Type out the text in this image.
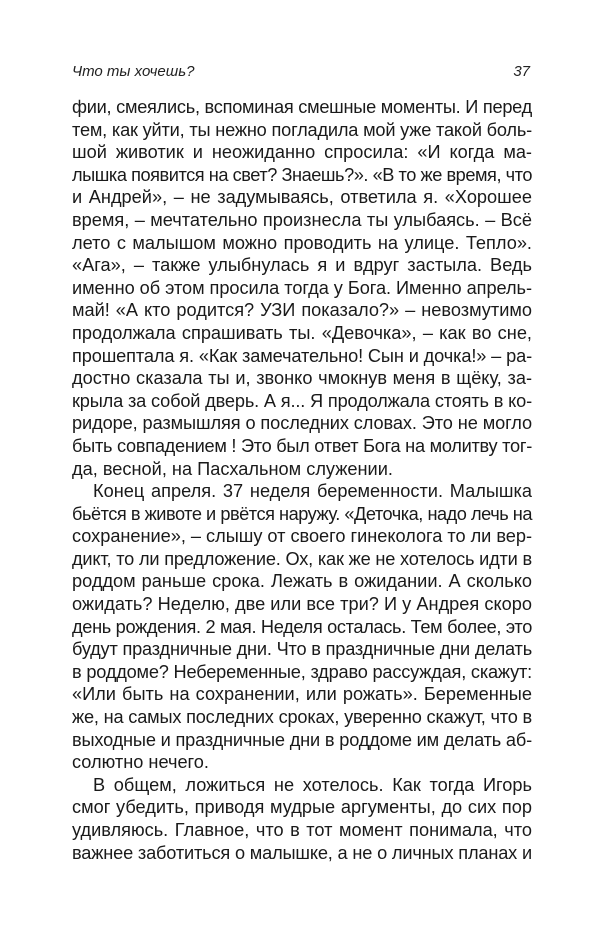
Что ты хочешь?	37

фии, смеялись, вспоминая смешные моменты. И перед
тем, как уйти, ты нежно погладила мой уже такой боль-
шой животик и неожиданно спросила: «И когда ма-
лышка появится на свет? Знаешь?». «В то же время, что
и Андрей», – не задумываясь, ответила я. «Хорошее
время, – мечтательно произнесла ты улыбаясь. – Всё
лето с малышом можно проводить на улице. Тепло».
«Ага», – также улыбнулась я и вдруг застыла. Ведь
именно об этом просила тогда у Бога. Именно апрель-
май! «А кто родится? УЗИ показало?» – невозмутимо
продолжала спрашивать ты. «Девочка», – как во сне,
прошептала я. «Как замечательно! Сын и дочка!» – ра-
достно сказала ты и, звонко чмокнув меня в щёку, за-
крыла за собой дверь. А я... Я продолжала стоять в ко-
ридоре, размышляя о последних словах. Это не могло
быть совпадением ! Это был ответ Бога на молитву тог-
да, весной, на Пасхальном служении.

Конец апреля. 37 неделя беременности. Малышка
бьётся в животе и рвётся наружу. «Деточка, надо лечь на
сохранение», – слышу от своего гинеколога то ли вер-
дикт, то ли предложение. Ох, как же не хотелось идти в
роддом раньше срока. Лежать в ожидании. А сколько
ожидать? Неделю, две или все три? И у Андрея скоро
день рождения. 2 мая. Неделя осталась. Тем более, это
будут праздничные дни. Что в праздничные дни делать
в роддоме? Небеременные, здраво рассуждая, скажут:
«Или быть на сохранении, или рожать». Беременные
же, на самых последних сроках, уверенно скажут, что в
выходные и праздничные дни в роддоме им делать аб-
солютно нечего.

В общем, ложиться не хотелось. Как тогда Игорь
смог убедить, приводя мудрые аргументы, до сих пор
удивляюсь. Главное, что в тот момент понимала, что
важнее заботиться о малышке, а не о личных планах и
